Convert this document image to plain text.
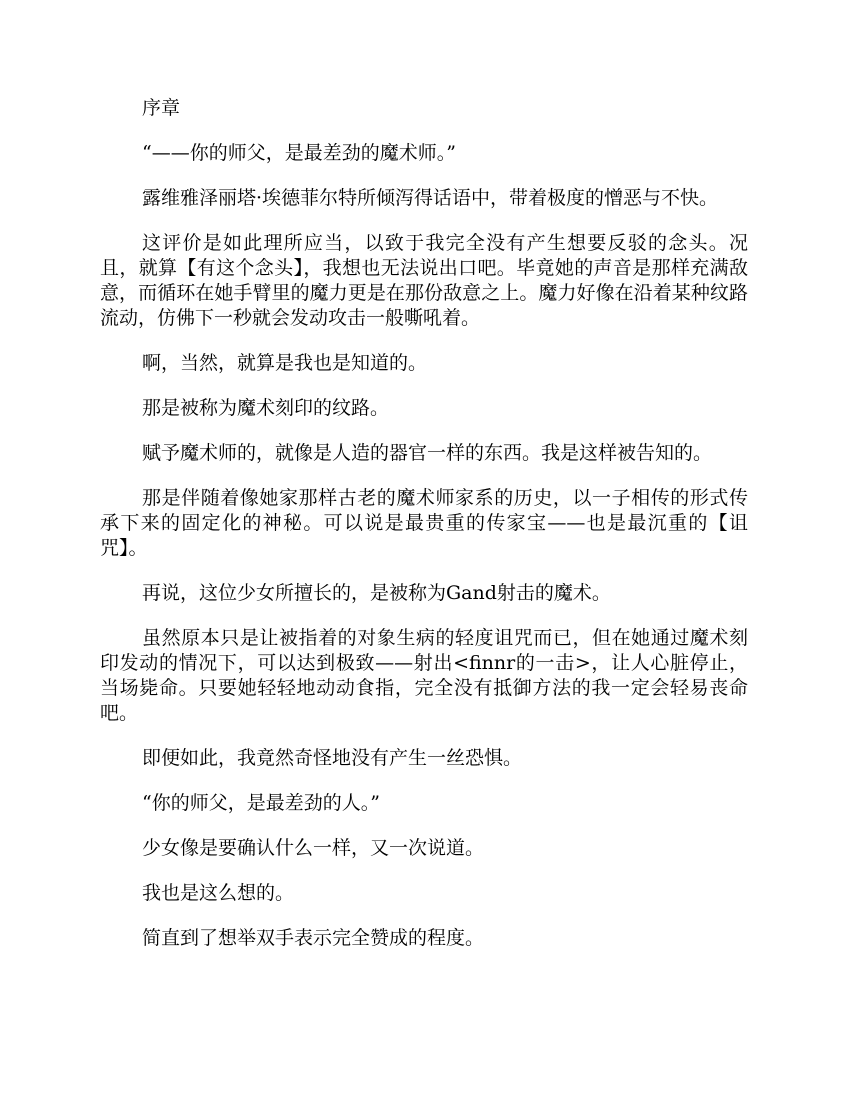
序章

“——你的师父，是最差劲的魔术师。”

露维雅泽丽塔·埃德菲尔特所倾泻得话语中，带着极度的憎恶与不快。

这评价是如此理所应当，以致于我完全没有产生想要反驳的念头。况且，就算【有这个念头】，我想也无法说出口吧。毕竟她的声音是那样充满敌意，而循环在她手臂里的魔力更是在那份敌意之上。魔力好像在沿着某种纹路流动，仿佛下一秒就会发动攻击一般嘶吼着。

啊，当然，就算是我也是知道的。

那是被称为魔术刻印的纹路。

赋予魔术师的，就像是人造的器官一样的东西。我是这样被告知的。

那是伴随着像她家那样古老的魔术师家系的历史，以一子相传的形式传承下来的固定化的神秘。可以说是最贵重的传家宝——也是最沉重的【诅咒】。

再说，这位少女所擅长的，是被称为Gand射击的魔术。

虽然原本只是让被指着的对象生病的轻度诅咒而已，但在她通过魔术刻印发动的情况下，可以达到极致——射出<finnr的一击>，让人心脏停止，当场毙命。只要她轻轻地动动食指，完全没有抵御方法的我一定会轻易丧命吧。

即便如此，我竟然奇怪地没有产生一丝恐惧。

“你的师父，是最差劲的人。”

少女像是要确认什么一样，又一次说道。

我也是这么想的。

简直到了想举双手表示完全赞成的程度。
